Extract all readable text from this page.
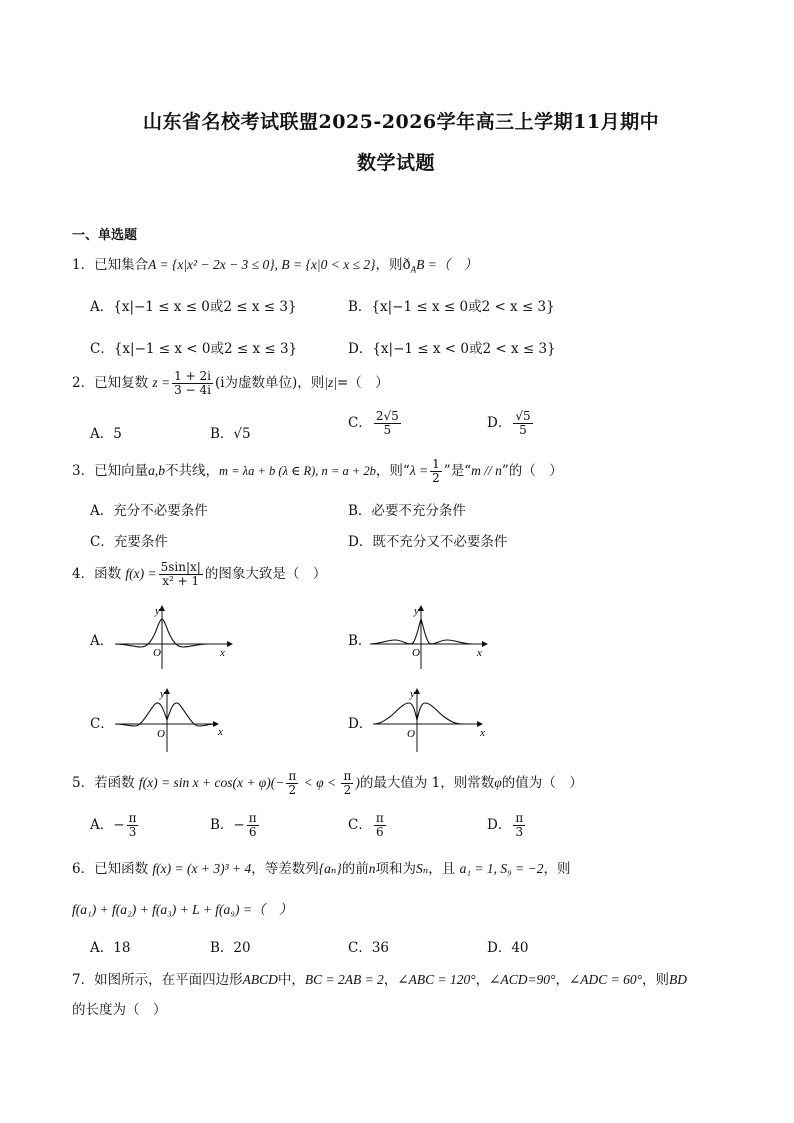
山东省名校考试联盟2025-2026学年高三上学期11月期中
数学试题
一、单选题
1．已知集合A = {x|x² − 2x − 3 ≤ 0}, B = {x|0 < x ≤ 2}，则$ð_AB$ =（　）
A．{x|−1 ≤ x ≤ 0或2 ≤ x ≤ 3}	B．{x|−1 ≤ x ≤ 0或2 < x ≤ 3}
C．{x|−1 ≤ x < 0或2 ≤ x ≤ 3}	D．{x|−1 ≤ x < 0或2 < x ≤ 3}
2．已知复数 $z = \frac{1 + 2i}{3 - 4i} (i$为虚数单位)，则|z|=（　）
A．5	B．√5
C． $\frac{2√5}{5}$	D． $\frac{√5}{5}$
3．已知向量a,b不共线，m = λa + b (λ ∈ R), n = a + 2b，则“$\lambda = \frac{1}{2}$ ”是“m // n”的（　）
A．充分不必要条件	B．必要不充分条件
C．充要条件	D．既不充分又不必要条件
4．函数 $f(x) = \frac{5\sin|x|}{\text{x² + 1}}$ 的图象大致是（　）
A．	B．
C．	D．
y
x
O
y
x
O
y
x
O
y
x
O
5．若函数 $f(x) = \sin x + \cos(x + \varphi)(- \frac{\pi}{2} < \varphi < \frac{\pi}{2}$ )的最大值为 1，则常数φ的值为（　）
A．− $\frac{\pi}{3}$	B．− $\frac{\pi}{6}$	C． $\frac{\pi}{6}$	D． $\frac{\pi}{3}$
6．已知函数 f(x) = (x + 3)³ + 4，等差数列{aₙ}的前n项和为Sₙ，且 a₁ = 1, S₉ = −2，则
f(a₁) + f(a₂) + f(a₃) + L + f(a₉) =（　）
A．18	B．20	C．36	D．40
7．如图所示，在平面四边形ABCD中，BC = 2AB = 2，∠ABC = 120°，∠ACD=90°，∠ADC = 60°，则BD
的长度为（　）
